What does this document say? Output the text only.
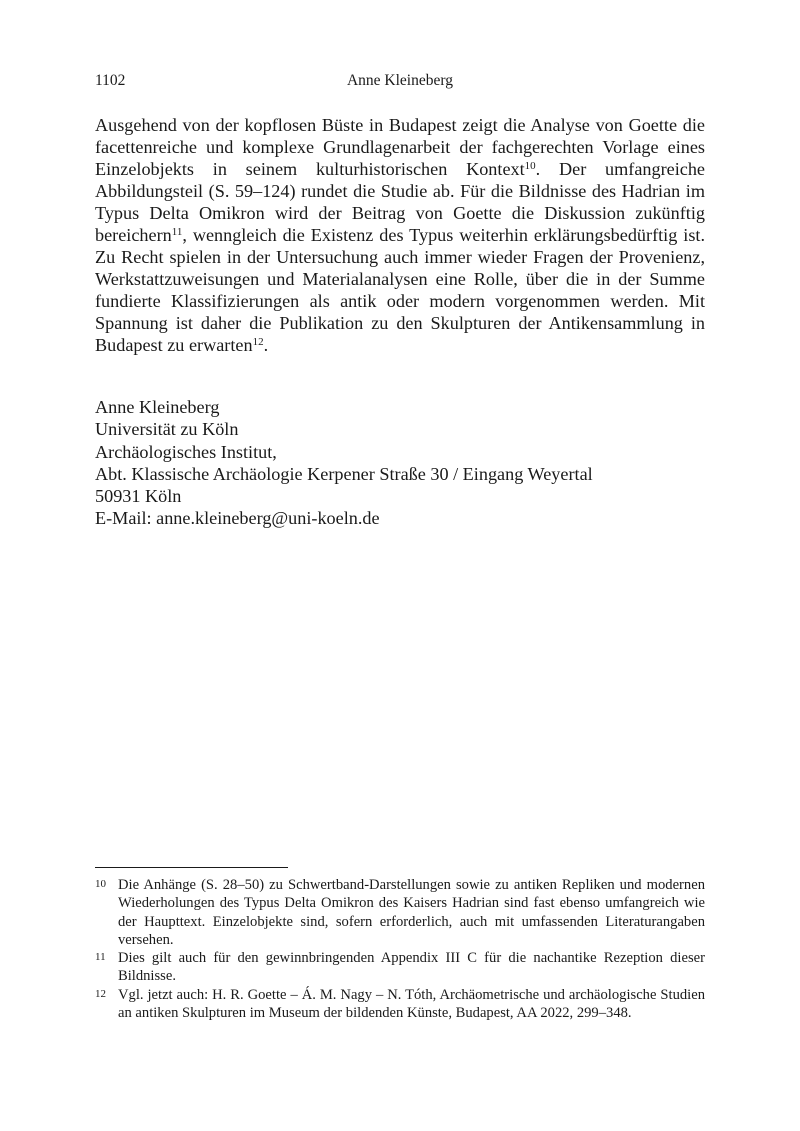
1102	Anne Kleineberg

Ausgehend von der kopflosen Büste in Budapest zeigt die Analyse von Goette die facettenreiche und komplexe Grundlagenarbeit der fachgerechten Vorlage eines Einzelobjekts in seinem kulturhistorischen Kontext$^{10}$. Der umfangreiche Abbildungsteil (S. 59–124) rundet die Studie ab. Für die Bildnisse des Hadrian im Typus Delta Omikron wird der Beitrag von Goette die Diskussion zukünftig bereichern$^{11}$, wenngleich die Existenz des Typus weiterhin erklärungsbedürftig ist. Zu Recht spielen in der Untersuchung auch immer wieder Fragen der Provenienz, Werkstattzuweisungen und Materialanalysen eine Rolle, über die in der Summe fundierte Klassifizierungen als antik oder modern vorgenommen werden. Mit Spannung ist daher die Publikation zu den Skulpturen der Antikensammlung in Budapest zu erwarten$^{12}$.

Anne Kleineberg
Universität zu Köln
Archäologisches Institut,
Abt. Klassische Archäologie Kerpener Straße 30 / Eingang Weyertal
50931 Köln
E-Mail: anne.kleineberg@uni-koeln.de
10 Die Anhänge (S. 28–50) zu Schwertband-Darstellungen sowie zu antiken Repliken und modernen Wiederholungen des Typus Delta Omikron des Kaisers Hadrian sind fast ebenso umfangreich wie der Haupttext. Einzelobjekte sind, sofern erforderlich, auch mit umfassenden Literaturangaben versehen.
11 Dies gilt auch für den gewinnbringenden Appendix III C für die nachantike Rezeption dieser Bildnisse.
12 Vgl. jetzt auch: H. R. Goette – Á. M. Nagy – N. Tóth, Archäometrische und archäologische Studien an antiken Skulpturen im Museum der bildenden Künste, Budapest, AA 2022, 299–348.
